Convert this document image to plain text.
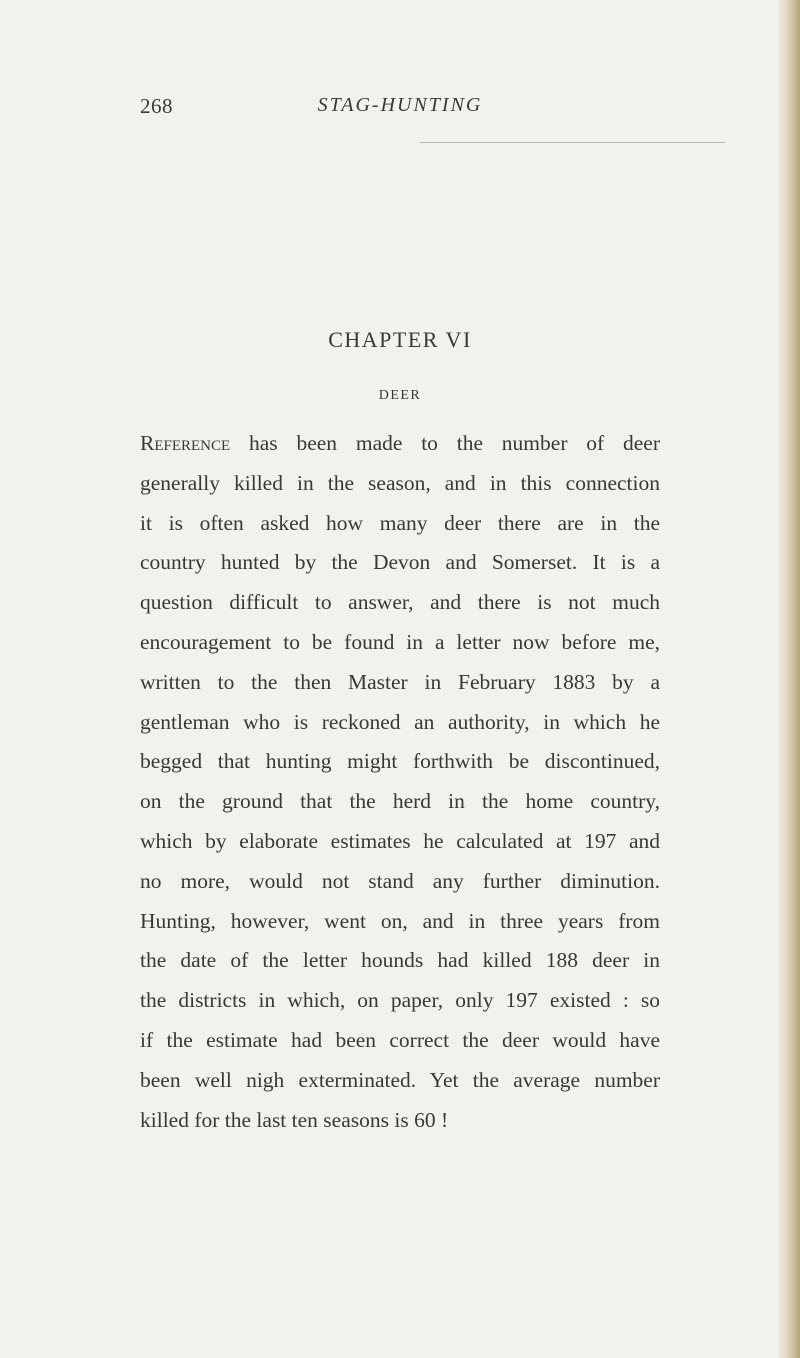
268	STAG-HUNTING
CHAPTER VI
DEER
Reference has been made to the number of deer
generally killed in the season, and in this connection
it is often asked how many deer there are in the
country hunted by the Devon and Somerset. It is a
question difficult to answer, and there is not much
encouragement to be found in a letter now before me,
written to the then Master in February 1883 by a
gentleman who is reckoned an authority, in which he
begged that hunting might forthwith be discontinued,
on the ground that the herd in the home country,
which by elaborate estimates he calculated at 197 and
no more, would not stand any further diminution.
Hunting, however, went on, and in three years from
the date of the letter hounds had killed 188 deer in
the districts in which, on paper, only 197 existed : so
if the estimate had been correct the deer would have
been well nigh exterminated. Yet the average number
killed for the last ten seasons is 60 !
